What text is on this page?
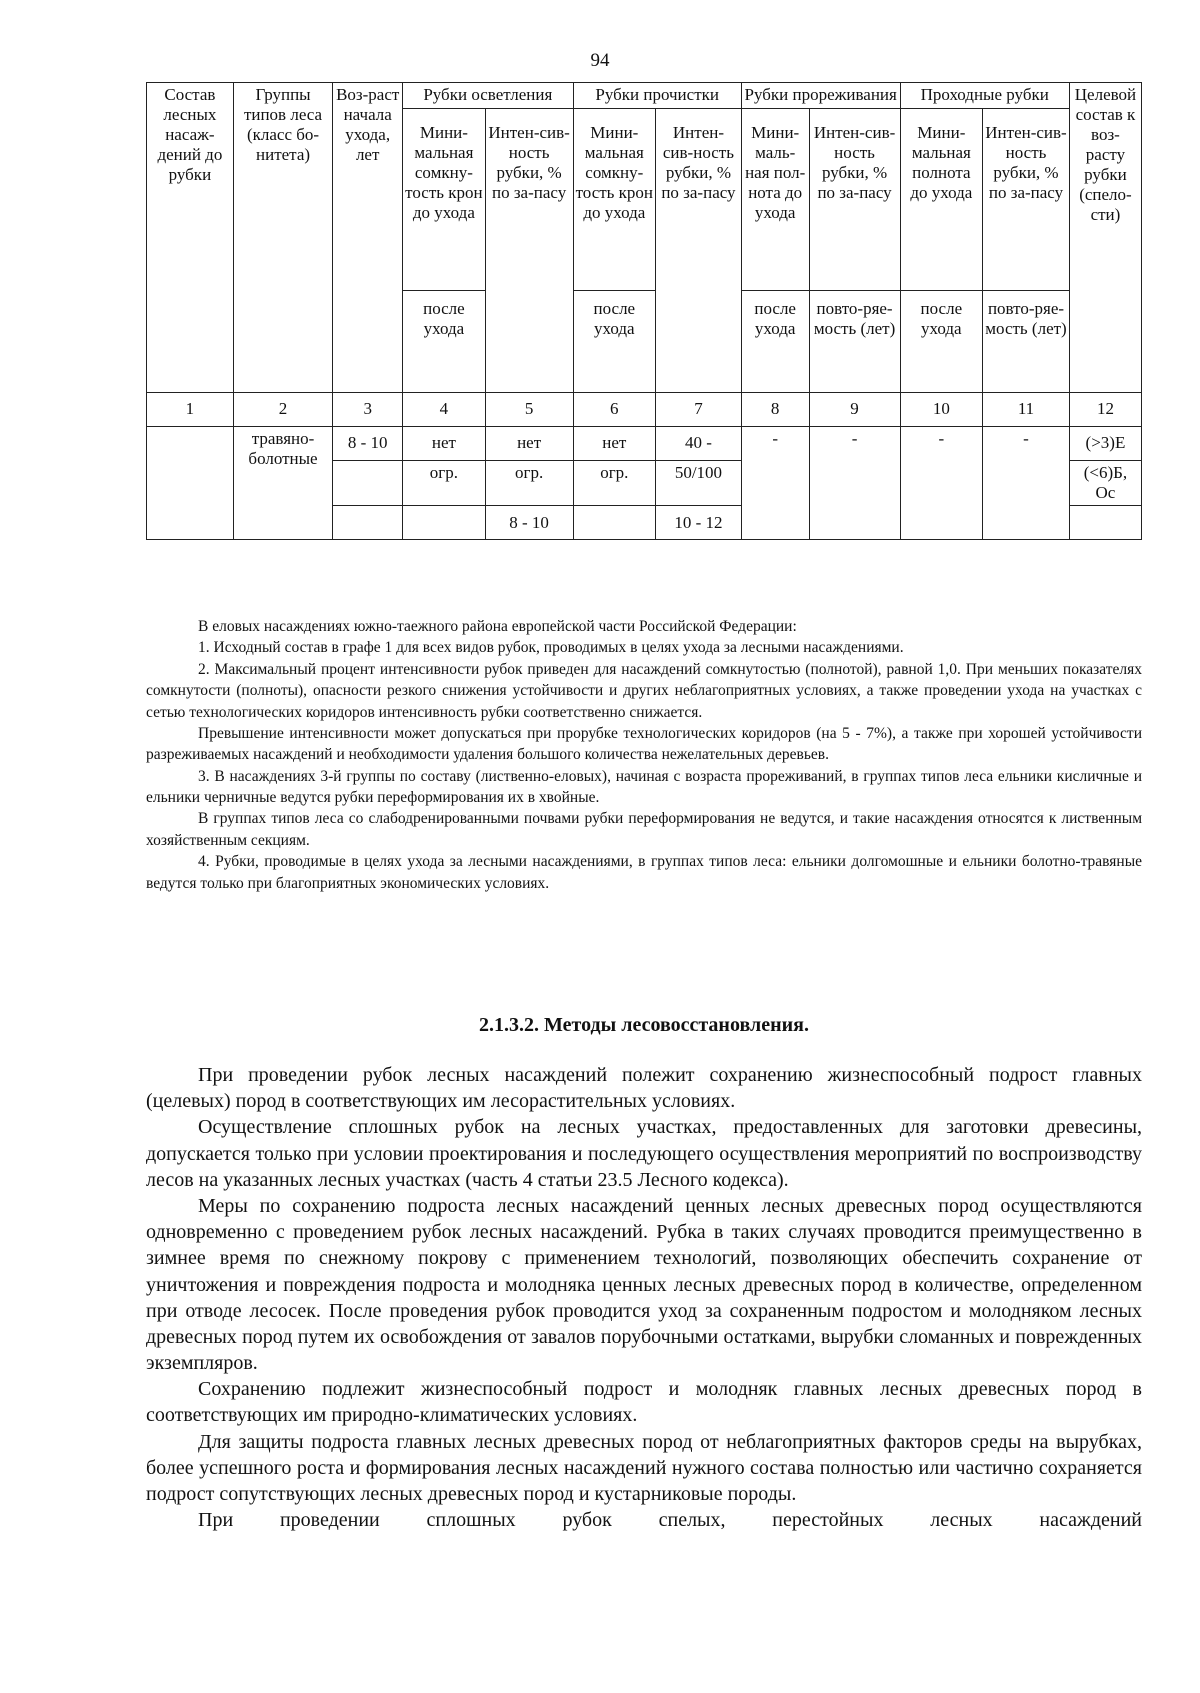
94
Состав лесных насаж-дений до рубки	Группы типов леса (класс бо-нитета)	Воз-раст начала ухода, лет	Рубки осветления		Рубки прочистки		Рубки прореживания		Проходные рубки		Целевой состав к воз-расту рубки (спело-сти)
			Мини-мальная сомкну-тость крон до ухода	Интен-сив-ность рубки, % по за-пасу	Мини-мальная сомкну-тость крон до ухода	Интен-сив-ность рубки, % по за-пасу	Мини-маль-ная пол-нота до ухода	Интен-сив-ность рубки, % по за-пасу	Мини-мальная полнота до ухода	Интен-сив-ность рубки, % по за-пасу	
			после ухода		после ухода		после ухода	повто-ряе-мость (лет)	после ухода	повто-ряе-мость (лет)	
1	2	3	4	5	6	7	8	9	10	11	12
	травяно-болотные	8 - 10	нет	нет	нет	40 -	-	-	-	-	(>3)Е
			огр.	огр.	огр.	50/100					(<6)Б, Ос
				8 - 10		10 - 12					

В еловых насаждениях южно-таежного района европейской части Российской Федерации:

1. Исходный состав в графе 1 для всех видов рубок, проводимых в целях ухода за лесными насаждениями.

2. Максимальный процент интенсивности рубок приведен для насаждений сомкнутостью (полнотой), равной 1,0. При меньших показателях сомкнутости (полноты), опасности резкого снижения устойчивости и других неблагоприятных условиях, а также проведении ухода на участках с сетью технологических коридоров интенсивность рубки соответственно снижается.

Превышение интенсивности может допускаться при прорубке технологических коридоров (на 5 - 7%), а также при хорошей устойчивости разреживаемых насаждений и необходимости удаления большого количества нежелательных деревьев.

3. В насаждениях 3-й группы по составу (лиственно-еловых), начиная с возраста прореживаний, в группах типов леса ельники кисличные и ельники черничные ведутся рубки переформирования их в хвойные.

В группах типов леса со слабодренированными почвами рубки переформирования не ведутся, и такие насаждения относятся к лиственным хозяйственным секциям.

4. Рубки, проводимые в целях ухода за лесными насаждениями, в группах типов леса: ельники долгомошные и ельники болотно-травяные ведутся только при благоприятных экономических условиях.

2.1.3.2. Методы лесовосстановления.

При проведении рубок лесных насаждений полежит сохранению жизнеспособный подрост главных (целевых) пород в соответствующих им лесорастительных условиях.

Осуществление сплошных рубок на лесных участках, предоставленных для заготовки древесины, допускается только при условии проектирования и последующего осуществления мероприятий по воспроизводству лесов на указанных лесных участках (часть 4 статьи 23.5 Лесного кодекса).

Меры по сохранению подроста лесных насаждений ценных лесных древесных пород осуществляются одновременно с проведением рубок лесных насаждений. Рубка в таких случаях проводится преимущественно в зимнее время по снежному покрову с применением технологий, позволяющих обеспечить сохранение от уничтожения и повреждения подроста и молодняка ценных лесных древесных пород в количестве, определенном при отводе лесосек. После проведения рубок проводится уход за сохраненным подростом и молодняком лесных древесных пород путем их освобождения от завалов порубочными остатками, вырубки сломанных и поврежденных экземпляров.

Сохранению подлежит жизнеспособный подрост и молодняк главных лесных древесных пород в соответствующих им природно-климатических условиях.

Для защиты подроста главных лесных древесных пород от неблагоприятных факторов среды на вырубках, более успешного роста и формирования лесных насаждений нужного состава полностью или частично сохраняется подрост сопутствующих лесных древесных пород и кустарниковые породы.

При проведении сплошных рубок спелых, перестойных лесных насаждений
